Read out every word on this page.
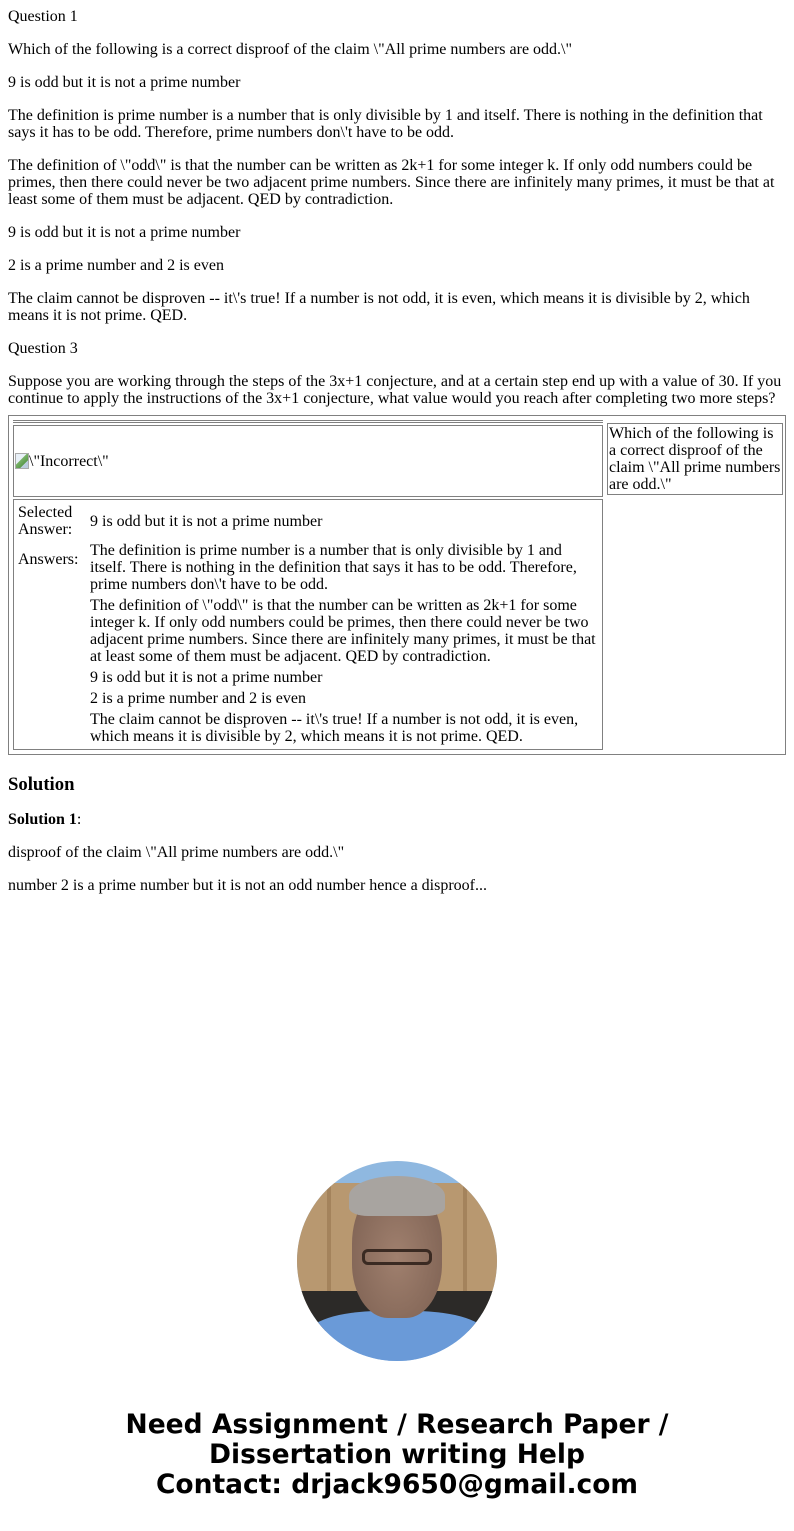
Question 1

Which of the following is a correct disproof of the claim \"All prime numbers are odd.\"

9 is odd but it is not a prime number

The definition is prime number is a number that is only divisible by 1 and itself. There is nothing in the definition that says it has to be odd. Therefore, prime numbers don\'t have to be odd.

The definition of \"odd\" is that the number can be written as 2k+1 for some integer k. If only odd numbers could be primes, then there could never be two adjacent prime numbers. Since there are infinitely many primes, it must be that at least some of them must be adjacent. QED by contradiction.

9 is odd but it is not a prime number

2 is a prime number and 2 is even

The claim cannot be disproven -- it\'s true! If a number is not odd, it is even, which means it is divisible by 2, which means it is not prime. QED.

Question 3

Suppose you are working through the steps of the 3x+1 conjecture, and at a certain step end up with a value of 30. If you continue to apply the instructions of the 3x+1 conjecture, what value would you reach after completing two more steps?

\"Incorrect\"

Selected Answer:	9 is odd but it is not a prime number
Answers:	The definition is prime number is a number that is only divisible by 1 and itself. There is nothing in the definition that says it has to be odd. Therefore, prime numbers don\'t have to be odd.
The definition of \"odd\" is that the number can be written as 2k+1 for some integer k. If only odd numbers could be primes, then there could never be two adjacent prime numbers. Since there are infinitely many primes, it must be that at least some of them must be adjacent. QED by contradiction.
9 is odd but it is not a prime number
2 is a prime number and 2 is even
The claim cannot be disproven -- it\'s true! If a number is not odd, it is even, which means it is divisible by 2, which means it is not prime. QED.

Which of the following is a correct disproof of the claim \"All prime numbers are odd.\"
Solution

Solution 1:

disproof of the claim \"All prime numbers are odd.\"

number 2 is a prime number but it is not an odd number hence a disproof...

Need Assignment / Research Paper / Dissertation writing Help
Contact: drjack9650@gmail.com
